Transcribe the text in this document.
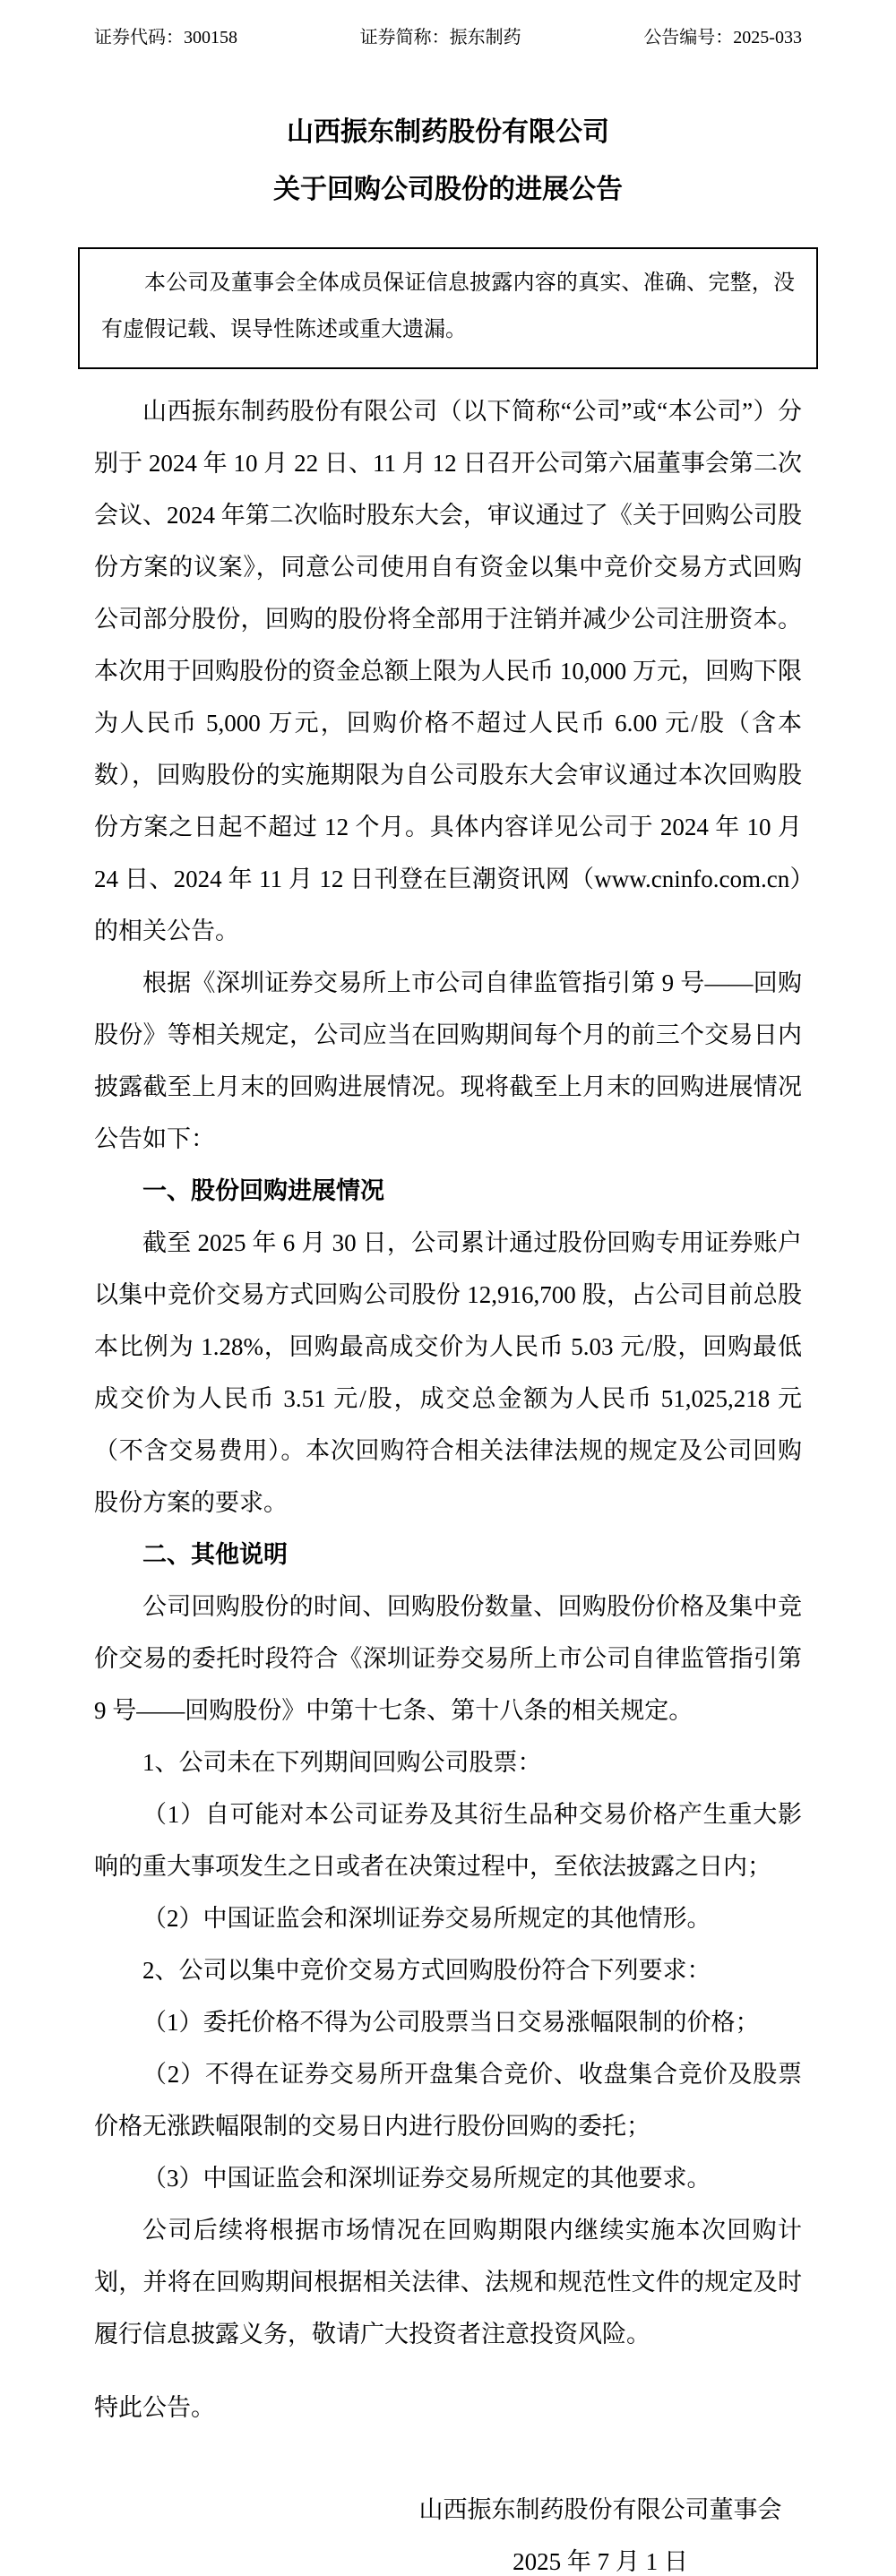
证券代码：300158	证券简称：振东制药	公告编号：2025-033
山西振东制药股份有限公司
关于回购公司股份的进展公告

本公司及董事会全体成员保证信息披露内容的真实、准确、完整，没有虚假记载、误导性陈述或重大遗漏。

山西振东制药股份有限公司（以下简称“公司”或“本公司”）分别于 2024 年 10 月 22 日、11 月 12 日召开公司第六届董事会第二次会议、2024 年第二次临时股东大会，审议通过了《关于回购公司股份方案的议案》，同意公司使用自有资金以集中竞价交易方式回购公司部分股份，回购的股份将全部用于注销并减少公司注册资本。本次用于回购股份的资金总额上限为人民币 10,000 万元，回购下限为人民币 5,000 万元，回购价格不超过人民币 6.00 元/股（含本数），回购股份的实施期限为自公司股东大会审议通过本次回购股份方案之日起不超过 12 个月。具体内容详见公司于 2024 年 10 月 24 日、2024 年 11 月 12 日刊登在巨潮资讯网（www.cninfo.com.cn）的相关公告。

根据《深圳证券交易所上市公司自律监管指引第 9 号——回购股份》等相关规定，公司应当在回购期间每个月的前三个交易日内披露截至上月末的回购进展情况。现将截至上月末的回购进展情况公告如下：

一、股份回购进展情况

截至 2025 年 6 月 30 日，公司累计通过股份回购专用证券账户以集中竞价交易方式回购公司股份 12,916,700 股，占公司目前总股本比例为 1.28%，回购最高成交价为人民币 5.03 元/股，回购最低成交价为人民币 3.51 元/股，成交总金额为人民币 51,025,218 元（不含交易费用）。本次回购符合相关法律法规的规定及公司回购股份方案的要求。

二、其他说明

公司回购股份的时间、回购股份数量、回购股份价格及集中竞价交易的委托时段符合《深圳证券交易所上市公司自律监管指引第 9 号——回购股份》中第十七条、第十八条的相关规定。

1、公司未在下列期间回购公司股票：

（1）自可能对本公司证券及其衍生品种交易价格产生重大影响的重大事项发生之日或者在决策过程中，至依法披露之日内；

（2）中国证监会和深圳证券交易所规定的其他情形。

2、公司以集中竞价交易方式回购股份符合下列要求：

（1）委托价格不得为公司股票当日交易涨幅限制的价格；

（2）不得在证券交易所开盘集合竞价、收盘集合竞价及股票价格无涨跌幅限制的交易日内进行股份回购的委托；

（3）中国证监会和深圳证券交易所规定的其他要求。

公司后续将根据市场情况在回购期限内继续实施本次回购计划，并将在回购期间根据相关法律、法规和规范性文件的规定及时履行信息披露义务，敬请广大投资者注意投资风险。

特此公告。

山西振东制药股份有限公司董事会
2025 年 7 月 1 日
